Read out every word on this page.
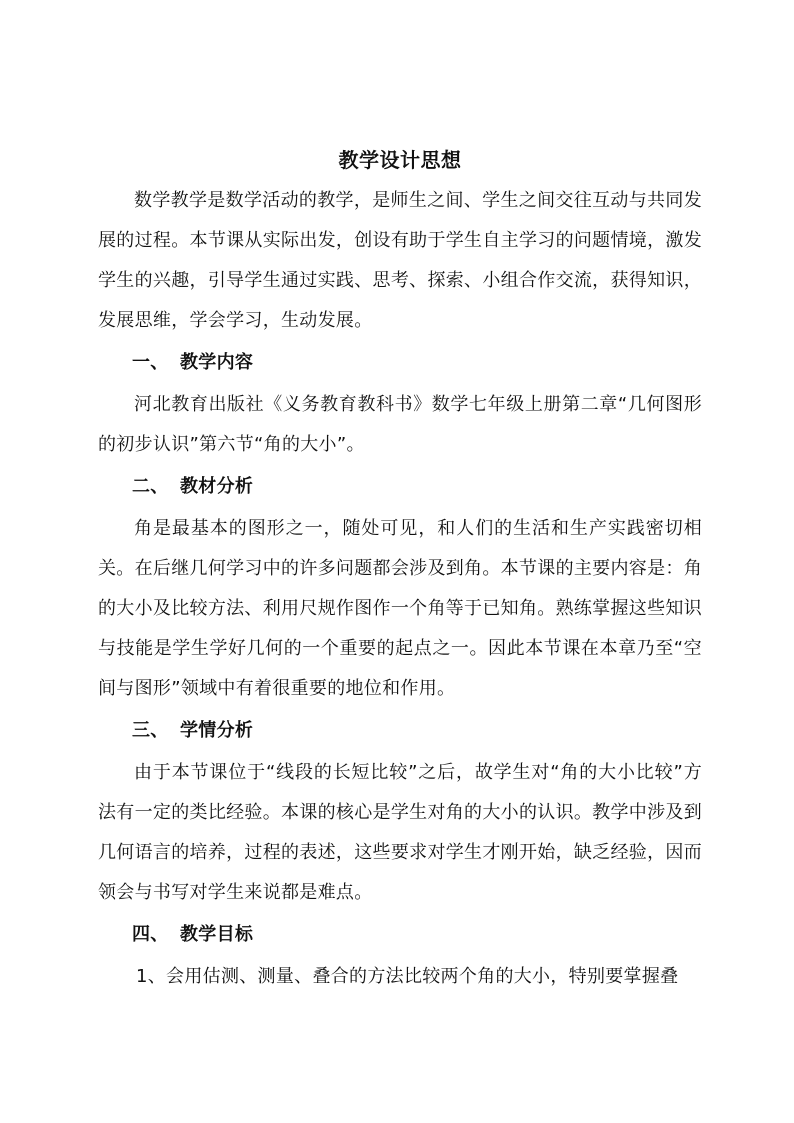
教学设计思想

数学教学是数学活动的教学，是师生之间、学生之间交往互动与共同发展的过程。本节课从实际出发，创设有助于学生自主学习的问题情境，激发学生的兴趣，引导学生通过实践、思考、探索、小组合作交流，获得知识，发展思维，学会学习，生动发展。

一、 教学内容

河北教育出版社《义务教育教科书》数学七年级上册第二章“几何图形的初步认识”第六节“角的大小”。

二、 教材分析

角是最基本的图形之一，随处可见，和人们的生活和生产实践密切相关。在后继几何学习中的许多问题都会涉及到角。本节课的主要内容是：角的大小及比较方法、利用尺规作图作一个角等于已知角。熟练掌握这些知识与技能是学生学好几何的一个重要的起点之一。因此本节课在本章乃至“空间与图形”领域中有着很重要的地位和作用。

三、 学情分析

由于本节课位于“线段的长短比较”之后，故学生对“角的大小比较”方法有一定的类比经验。本课的核心是学生对角的大小的认识。教学中涉及到几何语言的培养，过程的表述，这些要求对学生才刚开始，缺乏经验，因而领会与书写对学生来说都是难点。

四、 教学目标

1、会用估测、测量、叠合的方法比较两个角的大小，特别要掌握叠
